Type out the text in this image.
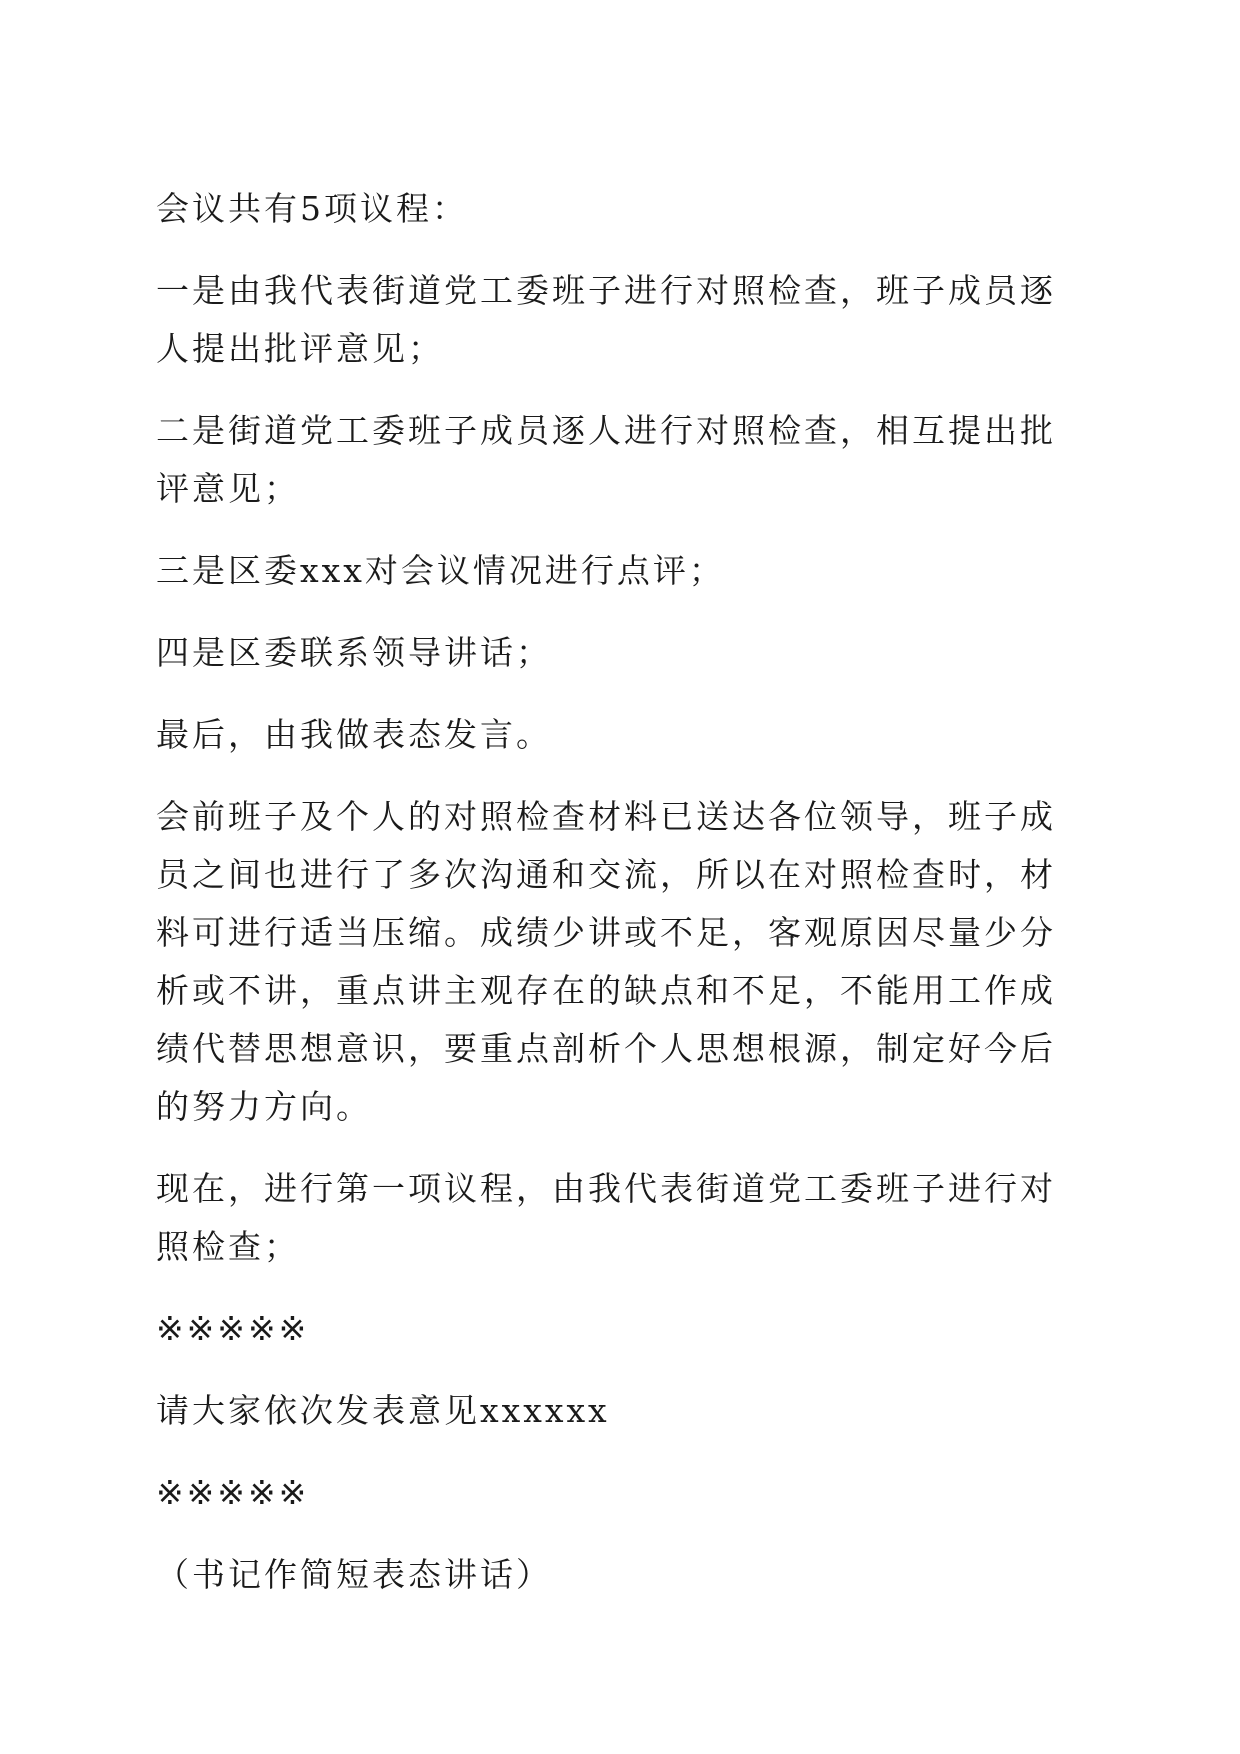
会议共有5项议程：

一是由我代表街道党工委班子进行对照检查，班子成员逐人提出批评意见；

二是街道党工委班子成员逐人进行对照检查，相互提出批评意见；

三是区委xxx对会议情况进行点评；

四是区委联系领导讲话；

最后，由我做表态发言。

会前班子及个人的对照检查材料已送达各位领导，班子成员之间也进行了多次沟通和交流，所以在对照检查时，材料可进行适当压缩。成绩少讲或不足，客观原因尽量少分析或不讲，重点讲主观存在的缺点和不足，不能用工作成绩代替思想意识，要重点剖析个人思想根源，制定好今后的努力方向。

现在，进行第一项议程，由我代表街道党工委班子进行对照检查；

※※※※※

请大家依次发表意见xxxxxx

※※※※※

（书记作简短表态讲话）
